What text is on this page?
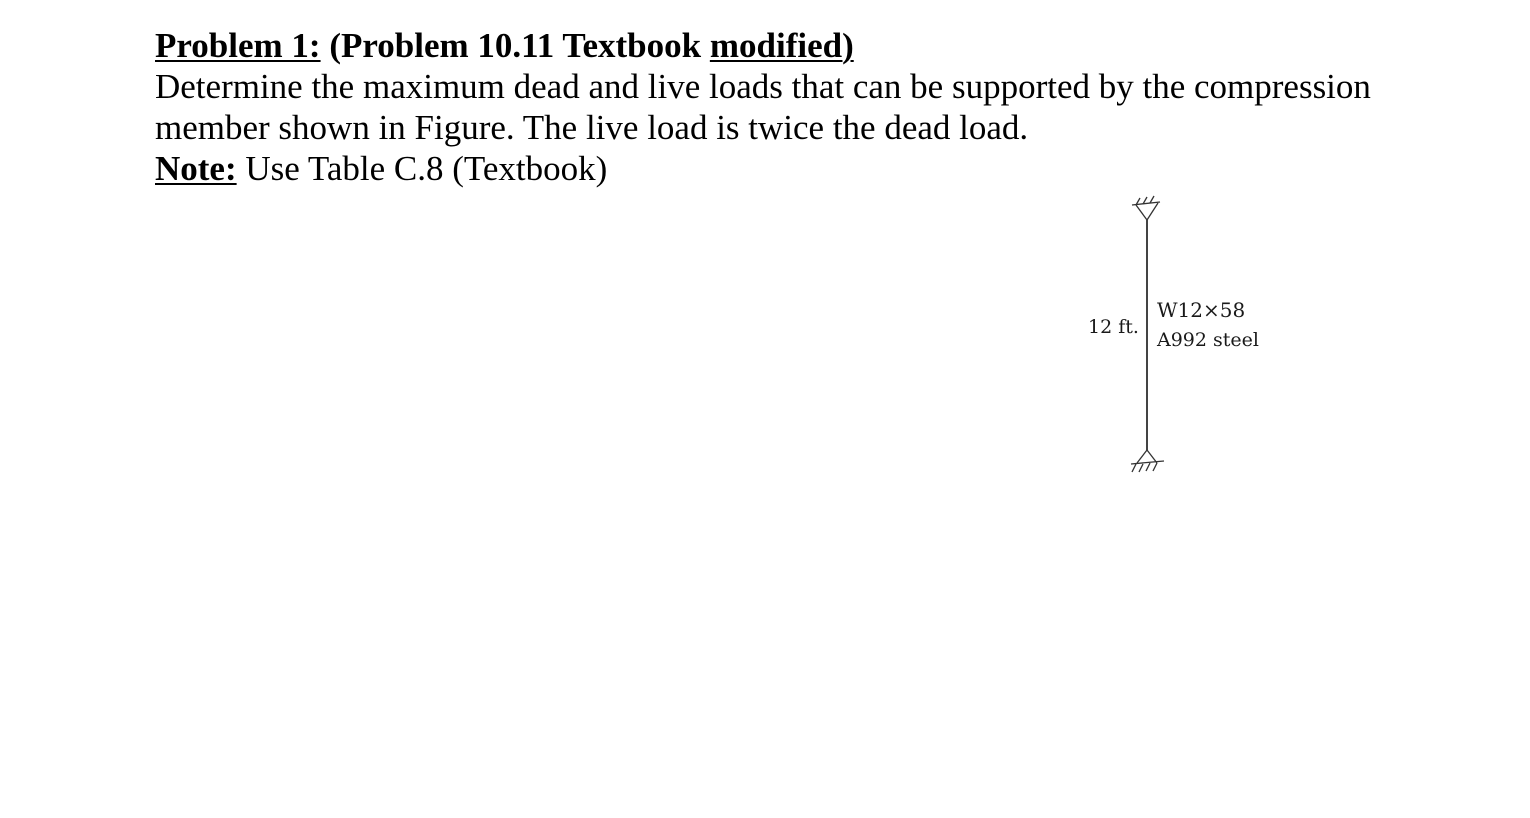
Problem 1: (Problem 10.11 Textbook modified)
Determine the maximum dead and live loads that can be supported by the compression
member shown in Figure. The live load is twice the dead load.
Note: Use Table C.8 (Textbook)
12 ft.
W12×58
A992 steel
